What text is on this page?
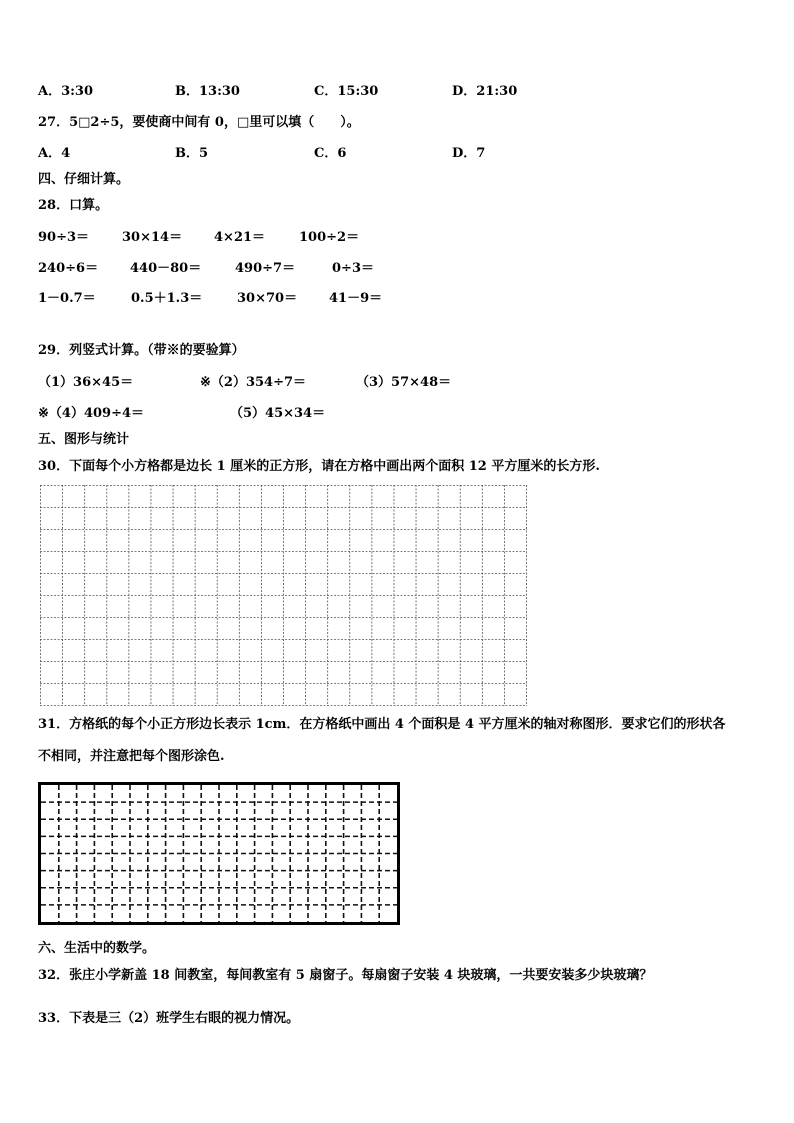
A．3:30	B．13:30	C．15:30	D．21:30
27．5□2÷5，要使商中间有 0，□里可以填（　　）。
A．4	B．5	C．6	D．7
四、仔细计算。
28．口算。
90÷3＝	30×14＝ 4×21＝	100÷2＝
240÷6＝ 440－80＝	490÷7＝	0÷3＝
1－0.7＝	0.5＋1.3＝	30×70＝ 41－9＝
29．列竖式计算。（带※的要验算）
（1）36×45＝	※（2）354÷7＝	（3）57×48＝
※（4）409÷4＝	（5）45×34＝
五、图形与统计
30．下面每个小方格都是边长 1 厘米的正方形，请在方格中画出两个面积 12 平方厘米的长方形.
31．方格纸的每个小正方形边长表示 1cm．在方格纸中画出 4 个面积是 4 平方厘米的轴对称图形．要求它们的形状各
不相同，并注意把每个图形涂色.
六、生活中的数学。
32．张庄小学新盖 18 间教室，每间教室有 5 扇窗子。每扇窗子安装 4 块玻璃，一共要安装多少块玻璃？
33．下表是三（2）班学生右眼的视力情况。
